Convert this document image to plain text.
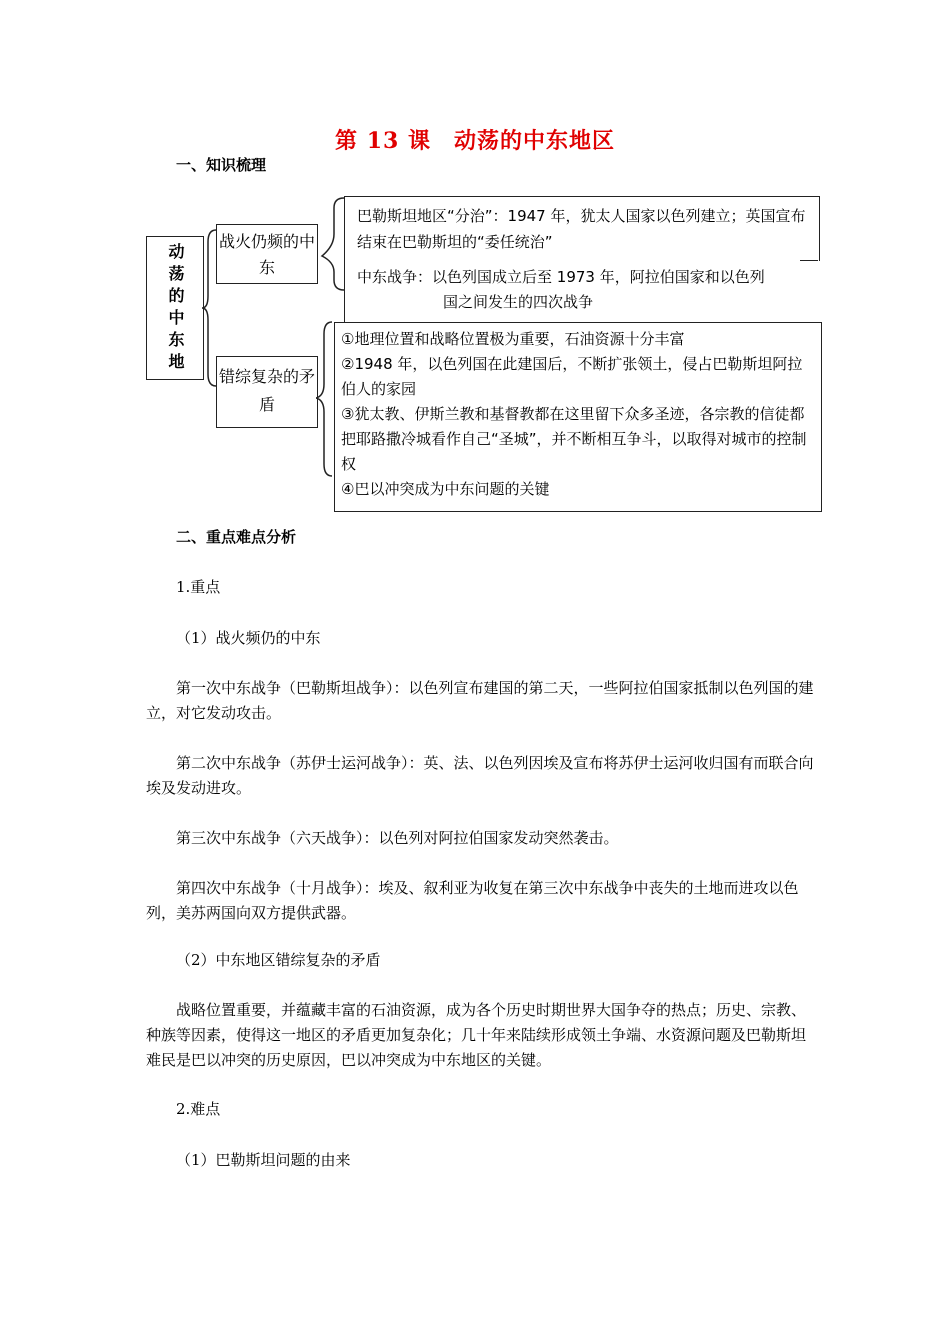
第 13 课　动荡的中东地区
一、知识梳理
动荡的中东地
战火仍频的中东
错综复杂的矛盾
巴勒斯坦地区“分治”：1947 年，犹太人国家以色列建立；英国宣布结束在巴勒斯坦的“委任统治”
中东战争：以色列国成立后至 1973 年，阿拉伯国家和以色列
国之间发生的四次战争
①地理位置和战略位置极为重要，石油资源十分丰富
②1948 年，以色列国在此建国后，不断扩张领土，侵占巴勒斯坦阿拉伯人的家园
③犹太教、伊斯兰教和基督教都在这里留下众多圣迹，各宗教的信徒都把耶路撒冷城看作自己“圣城”，并不断相互争斗，以取得对城市的控制权
④巴以冲突成为中东问题的关键
二、重点难点分析
1.重点
（1）战火频仍的中东
第一次中东战争（巴勒斯坦战争）：以色列宣布建国的第二天，一些阿拉伯国家抵制以色列国的建立，对它发动攻击。
第二次中东战争（苏伊士运河战争）：英、法、以色列因埃及宣布将苏伊士运河收归国有而联合向埃及发动进攻。
第三次中东战争（六天战争）：以色列对阿拉伯国家发动突然袭击。
第四次中东战争（十月战争）：埃及、叙利亚为收复在第三次中东战争中丧失的土地而进攻以色列，美苏两国向双方提供武器。
（2）中东地区错综复杂的矛盾
战略位置重要，并蕴藏丰富的石油资源，成为各个历史时期世界大国争夺的热点；历史、宗教、种族等因素，使得这一地区的矛盾更加复杂化；几十年来陆续形成领土争端、水资源问题及巴勒斯坦难民是巴以冲突的历史原因，巴以冲突成为中东地区的关键。
2.难点
（1）巴勒斯坦问题的由来
